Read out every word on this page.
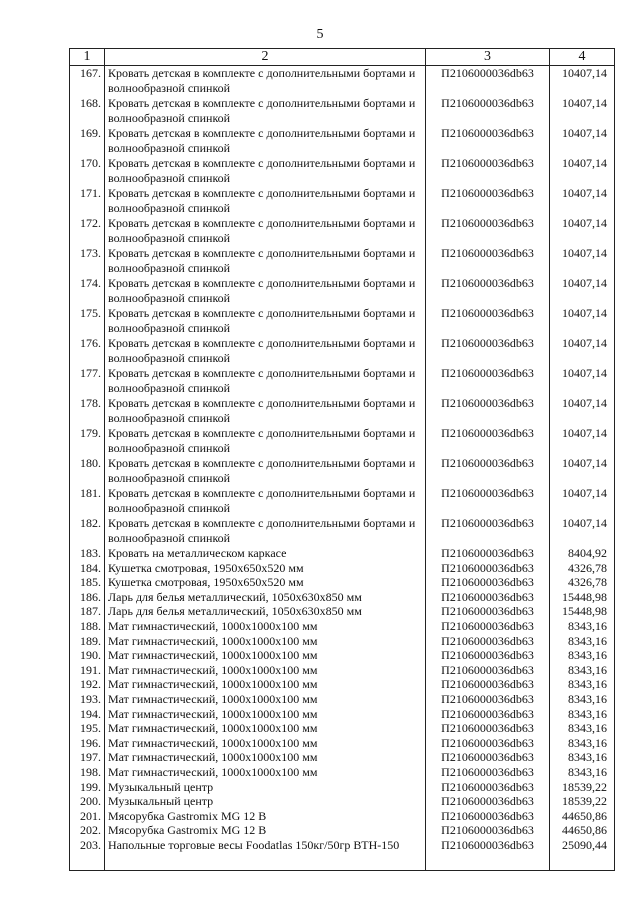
5
1	2	3	4
167.	Кровать детская в комплекте с дополнительными бортами и волнообразной спинкой	П2106000036db63	10407,14
168.	Кровать детская в комплекте с дополнительными бортами и волнообразной спинкой	П2106000036db63	10407,14
169.	Кровать детская в комплекте с дополнительными бортами и волнообразной спинкой	П2106000036db63	10407,14
170.	Кровать детская в комплекте с дополнительными бортами и волнообразной спинкой	П2106000036db63	10407,14
171.	Кровать детская в комплекте с дополнительными бортами и волнообразной спинкой	П2106000036db63	10407,14
172.	Кровать детская в комплекте с дополнительными бортами и волнообразной спинкой	П2106000036db63	10407,14
173.	Кровать детская в комплекте с дополнительными бортами и волнообразной спинкой	П2106000036db63	10407,14
174.	Кровать детская в комплекте с дополнительными бортами и волнообразной спинкой	П2106000036db63	10407,14
175.	Кровать детская в комплекте с дополнительными бортами и волнообразной спинкой	П2106000036db63	10407,14
176.	Кровать детская в комплекте с дополнительными бортами и волнообразной спинкой	П2106000036db63	10407,14
177.	Кровать детская в комплекте с дополнительными бортами и волнообразной спинкой	П2106000036db63	10407,14
178.	Кровать детская в комплекте с дополнительными бортами и волнообразной спинкой	П2106000036db63	10407,14
179.	Кровать детская в комплекте с дополнительными бортами и волнообразной спинкой	П2106000036db63	10407,14
180.	Кровать детская в комплекте с дополнительными бортами и волнообразной спинкой	П2106000036db63	10407,14
181.	Кровать детская в комплекте с дополнительными бортами и волнообразной спинкой	П2106000036db63	10407,14
182.	Кровать детская в комплекте с дополнительными бортами и волнообразной спинкой	П2106000036db63	10407,14
183.	Кровать на металлическом каркасе	П2106000036db63	8404,92
184.	Кушетка смотровая, 1950х650х520 мм	П2106000036db63	4326,78
185.	Кушетка смотровая, 1950х650х520 мм	П2106000036db63	4326,78
186.	Ларь для белья металлический, 1050х630х850 мм	П2106000036db63	15448,98
187.	Ларь для белья металлический, 1050х630х850 мм	П2106000036db63	15448,98
188.	Мат гимнастический, 1000х1000х100 мм	П2106000036db63	8343,16
189.	Мат гимнастический, 1000х1000х100 мм	П2106000036db63	8343,16
190.	Мат гимнастический, 1000х1000х100 мм	П2106000036db63	8343,16
191.	Мат гимнастический, 1000х1000х100 мм	П2106000036db63	8343,16
192.	Мат гимнастический, 1000х1000х100 мм	П2106000036db63	8343,16
193.	Мат гимнастический, 1000х1000х100 мм	П2106000036db63	8343,16
194.	Мат гимнастический, 1000х1000х100 мм	П2106000036db63	8343,16
195.	Мат гимнастический, 1000х1000х100 мм	П2106000036db63	8343,16
196.	Мат гимнастический, 1000х1000х100 мм	П2106000036db63	8343,16
197.	Мат гимнастический, 1000х1000х100 мм	П2106000036db63	8343,16
198.	Мат гимнастический, 1000х1000х100 мм	П2106000036db63	8343,16
199.	Музыкальный центр	П2106000036db63	18539,22
200.	Музыкальный центр	П2106000036db63	18539,22
201.	Мясорубка Gastromix MG 12 B	П2106000036db63	44650,86
202.	Мясорубка Gastromix MG 12 B	П2106000036db63	44650,86
203.	Напольные торговые весы Foodatlas 150кг/50гр ВТН-150	П2106000036db63	25090,44
